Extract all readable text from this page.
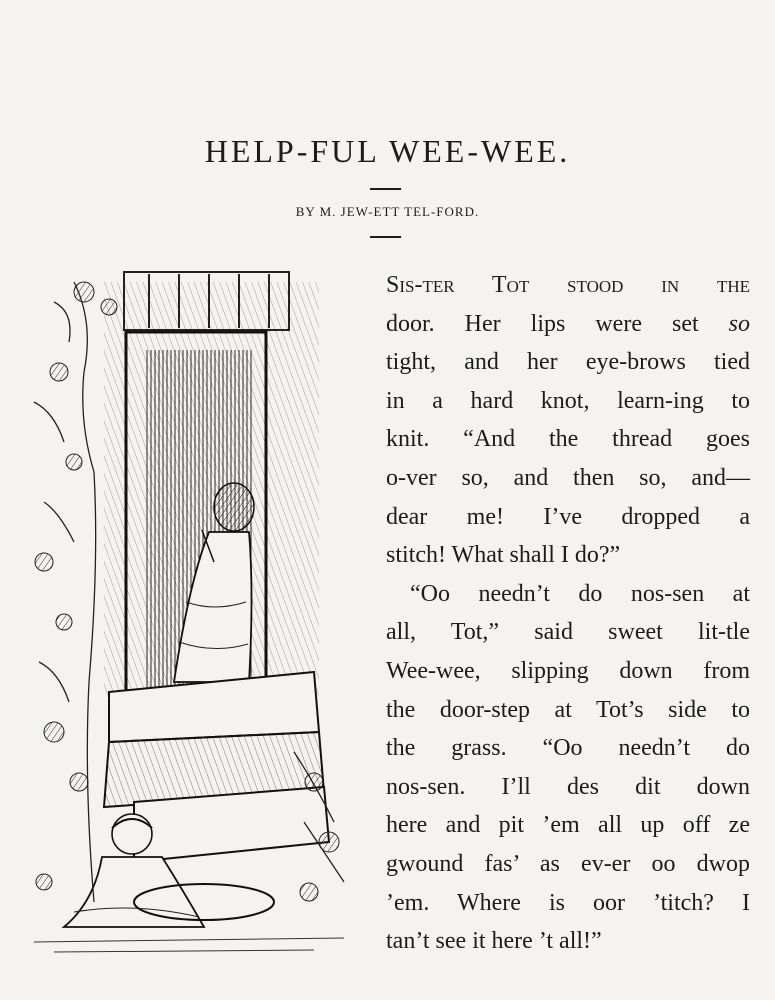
HELP-FUL WEE-WEE.
BY M. JEW-ETT TEL-FORD.
Sis-ter Tot stood in the
door. Her lips were set so
tight, and her eye-brows tied
in a hard knot, learn-ing to
knit. “And the thread goes
o-ver so, and then so, and—
dear me! I’ve dropped a
stitch! What shall I do?”
“Oo needn’t do nos-sen at
all, Tot,” said sweet lit-tle
Wee-wee, slipping down from
the door-step at Tot’s side to
the grass. “Oo needn’t do
nos-sen. I’ll des dit down
here and pit ’em all up off ze
gwound fas’ as ev-er oo dwop
’em. Where is oor ’titch? I
tan’t see it here ’t all!”
